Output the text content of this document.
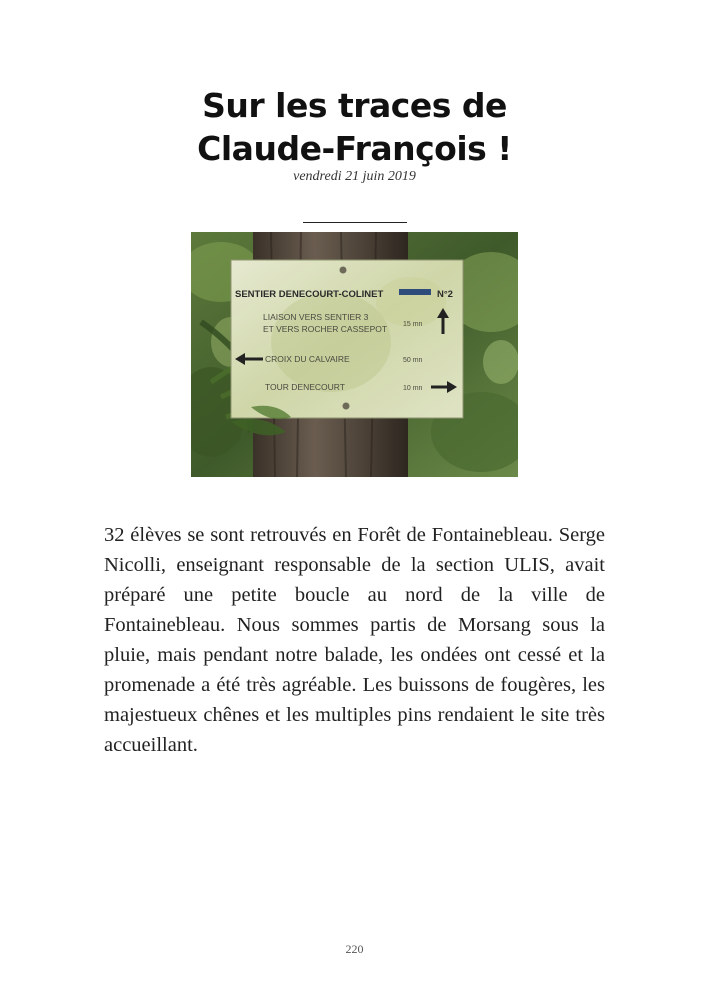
Sur les traces de
Claude-François !
vendredi 21 juin 2019
SENTIER DENECOURT-COLINET	N°2
LIAISON VERS SENTIER 3
ET VERS ROCHER CASSEPOT 15 mn
CROIX DU CALVAIRE	50 mn
TOUR DENECOURT	10 mn

32 élèves se sont retrouvés en Forêt de Fontainebleau. Serge Nicolli, enseignant responsable de la section ULIS, avait préparé une petite boucle au nord de la ville de Fontainebleau. Nous sommes partis de Morsang sous la pluie, mais pendant notre balade, les ondées ont cessé et la promenade a été très agréable. Les buissons de fougères, les majestueux chênes et les multiples pins rendaient le site très accueillant.

220
